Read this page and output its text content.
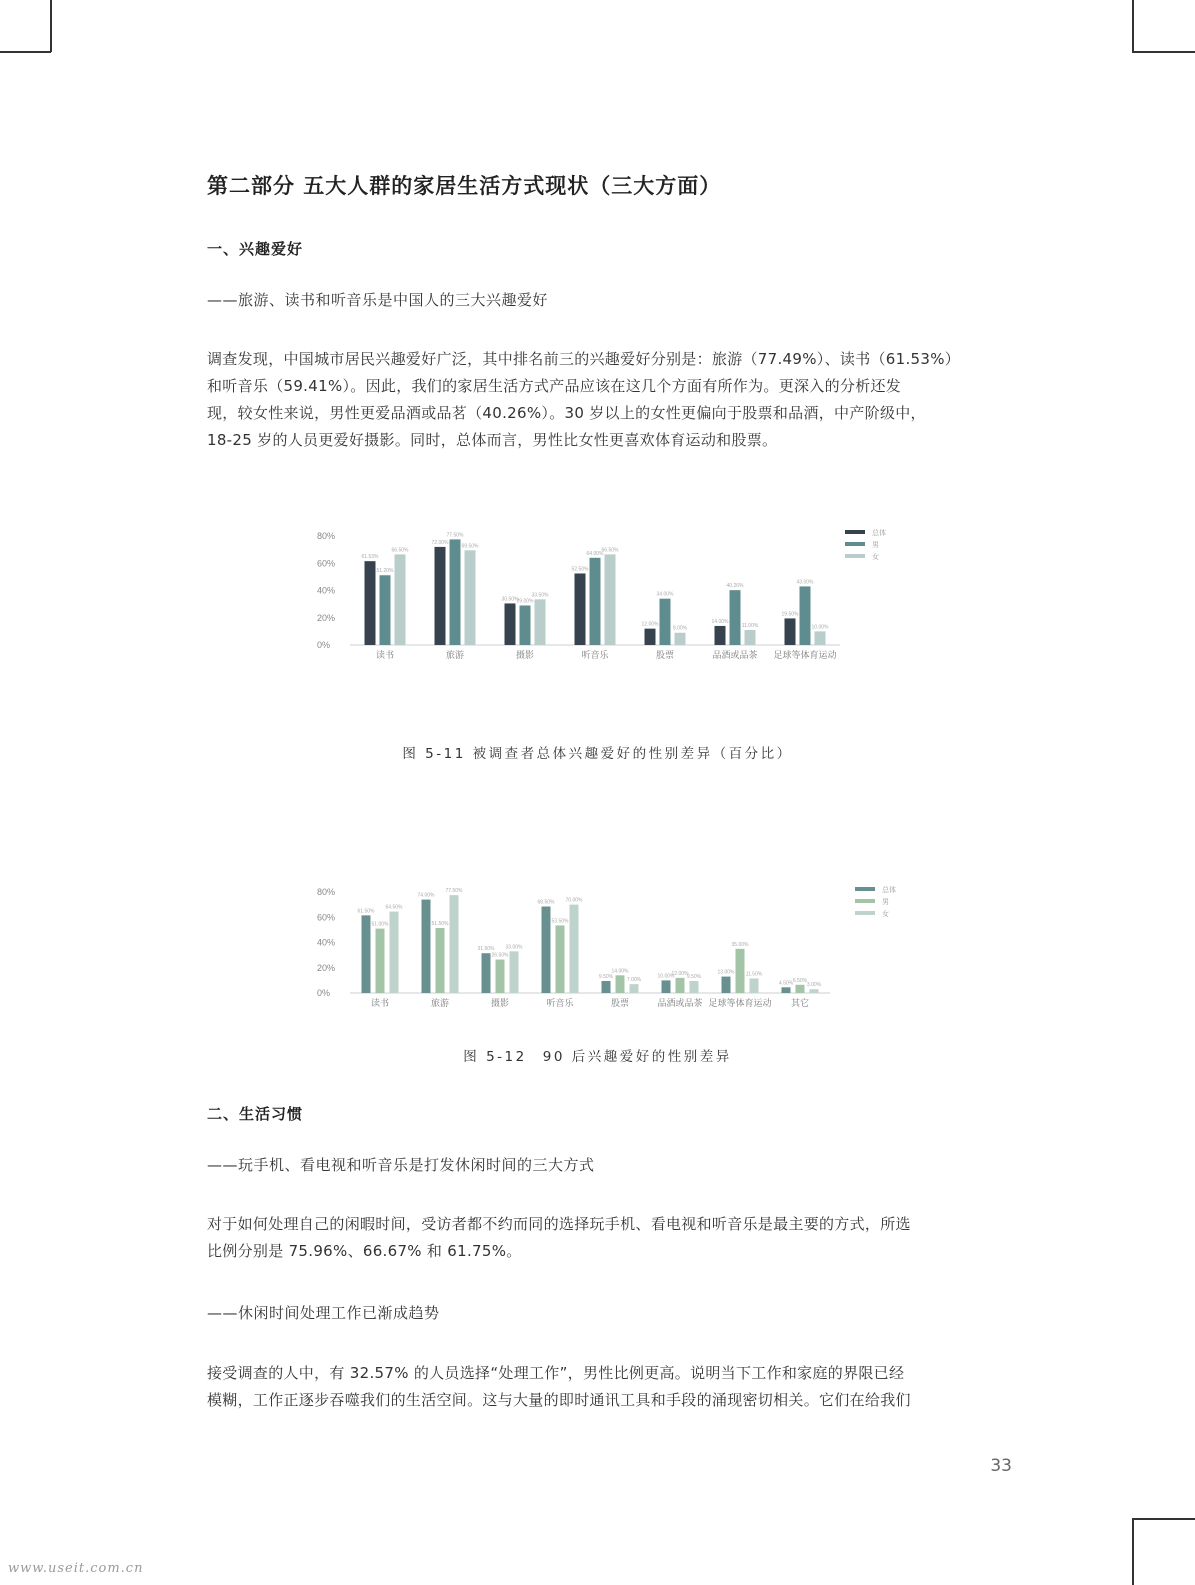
第二部分 五大人群的家居生活方式现状（三大方面）
一、兴趣爱好

——旅游、读书和听音乐是中国人的三大兴趣爱好

调查发现，中国城市居民兴趣爱好广泛，其中排名前三的兴趣爱好分别是：旅游（77.49%）、读书（61.53%）
和听音乐（59.41%）。因此，我们的家居生活方式产品应该在这几个方面有所作为。更深入的分析还发
现，较女性来说，男性更爱品酒或品茗（40.26%）。30 岁以上的女性更偏向于股票和品酒，中产阶级中，
18-25 岁的人员更爱好摄影。同时，总体而言，男性比女性更喜欢体育运动和股票。
0%
20%
40%
60%
80%
61.53%
51.20%
66.50%
读书
72.00%
77.50%
69.50%
旅游
30.50%
29.00%
33.50%
摄影
52.50%
64.00%
66.50%
听音乐
12.00%
34.00%
9.00%
股票
14.00%
40.26%
11.00%
品酒或品茶
19.50%
43.00%
10.00%
足球等体育运动
总体
男
女

图 5-11 被调查者总体兴趣爱好的性别差异（百分比）

0%
20%
40%
60%
80%
61.50%
51.00%
64.50%
读书
74.00%
51.50%
77.50%
旅游
31.50%
26.50%
33.00%
摄影
68.50%
53.50%
70.00%
听音乐
9.50%
14.00%
7.00%
股票
10.00%
12.00%
9.50%
品酒或品茶
13.00%
35.00%
11.50%
足球等体育运动
4.50% 6.50%
3.00%
其它
总体
男
女

图 5-12　90 后兴趣爱好的性别差异

二、生活习惯

——玩手机、看电视和听音乐是打发休闲时间的三大方式

对于如何处理自己的闲暇时间，受访者都不约而同的选择玩手机、看电视和听音乐是最主要的方式，所选
比例分别是 75.96%、66.67% 和 61.75%。

——休闲时间处理工作已渐成趋势

接受调查的人中，有 32.57% 的人员选择“处理工作”，男性比例更高。说明当下工作和家庭的界限已经
模糊，工作正逐步吞噬我们的生活空间。这与大量的即时通讯工具和手段的涌现密切相关。它们在给我们

33

www.useit.com.cn
